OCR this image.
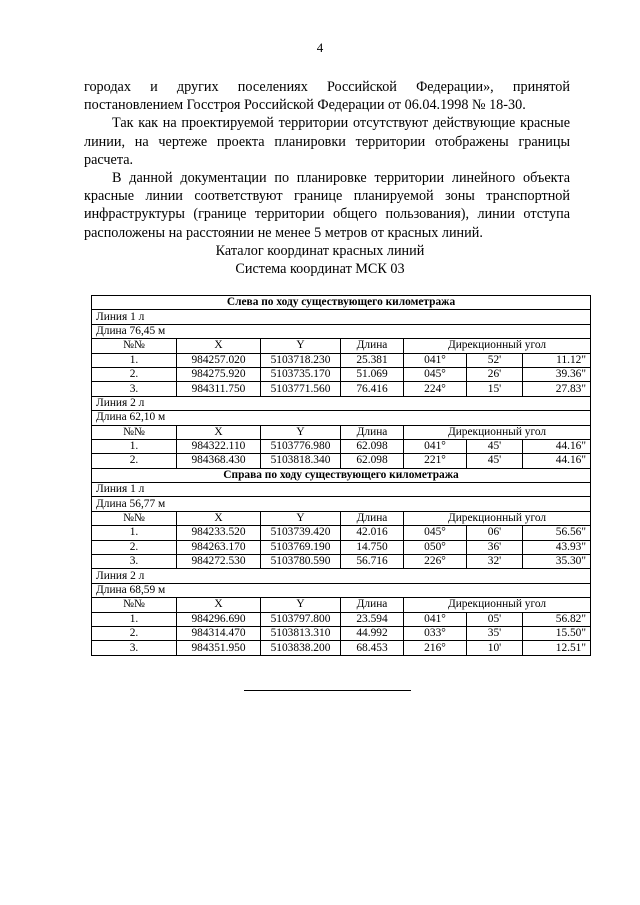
4

городах и других поселениях Российской Федерации», принятой постановлением Госстроя Российской Федерации от 06.04.1998 № 18-30.

Так как на проектируемой территории отсутствуют действующие красные линии, на чертеже проекта планировки территории отображены границы расчета.

В данной документации по планировке территории линейного объекта красные линии соответствуют границе планируемой зоны транспортной инфраструктуры (границе территории общего пользования), линии отступа расположены на расстоянии не менее 5 метров от красных линий.

Каталог координат красных линий
Система координат МСК 03
Слева по ходу существующего километража						
Линия 1 л						
Длина 76,45 м						
№№	X	Y	Длина	Дирекционный угол		
1.	984257.020	5103718.230	25.381	041°	52'	11.12"
2.	984275.920	5103735.170	51.069	045°	26'	39.36"
3.	984311.750	5103771.560	76.416	224°	15'	27.83"
Линия 2 л						
Длина 62,10 м						
№№	X	Y	Длина	Дирекционный угол		
1.	984322.110	5103776.980	62.098	041°	45'	44.16"
2.	984368.430	5103818.340	62.098	221°	45'	44.16"
Справа по ходу существующего километража						
Линия 1 л						
Длина 56,77 м						
№№	X	Y	Длина	Дирекционный угол		
1.	984233.520	5103739.420	42.016	045°	06'	56.56"
2.	984263.170	5103769.190	14.750	050°	36'	43.93"
3.	984272.530	5103780.590	56.716	226°	32'	35.30"
Линия 2 л						
Длина 68,59 м						
№№	X	Y	Длина	Дирекционный угол		
1.	984296.690	5103797.800	23.594	041°	05'	56.82"
2.	984314.470	5103813.310	44.992	033°	35'	15.50"
3.	984351.950	5103838.200	68.453	216°	10'	12.51"
